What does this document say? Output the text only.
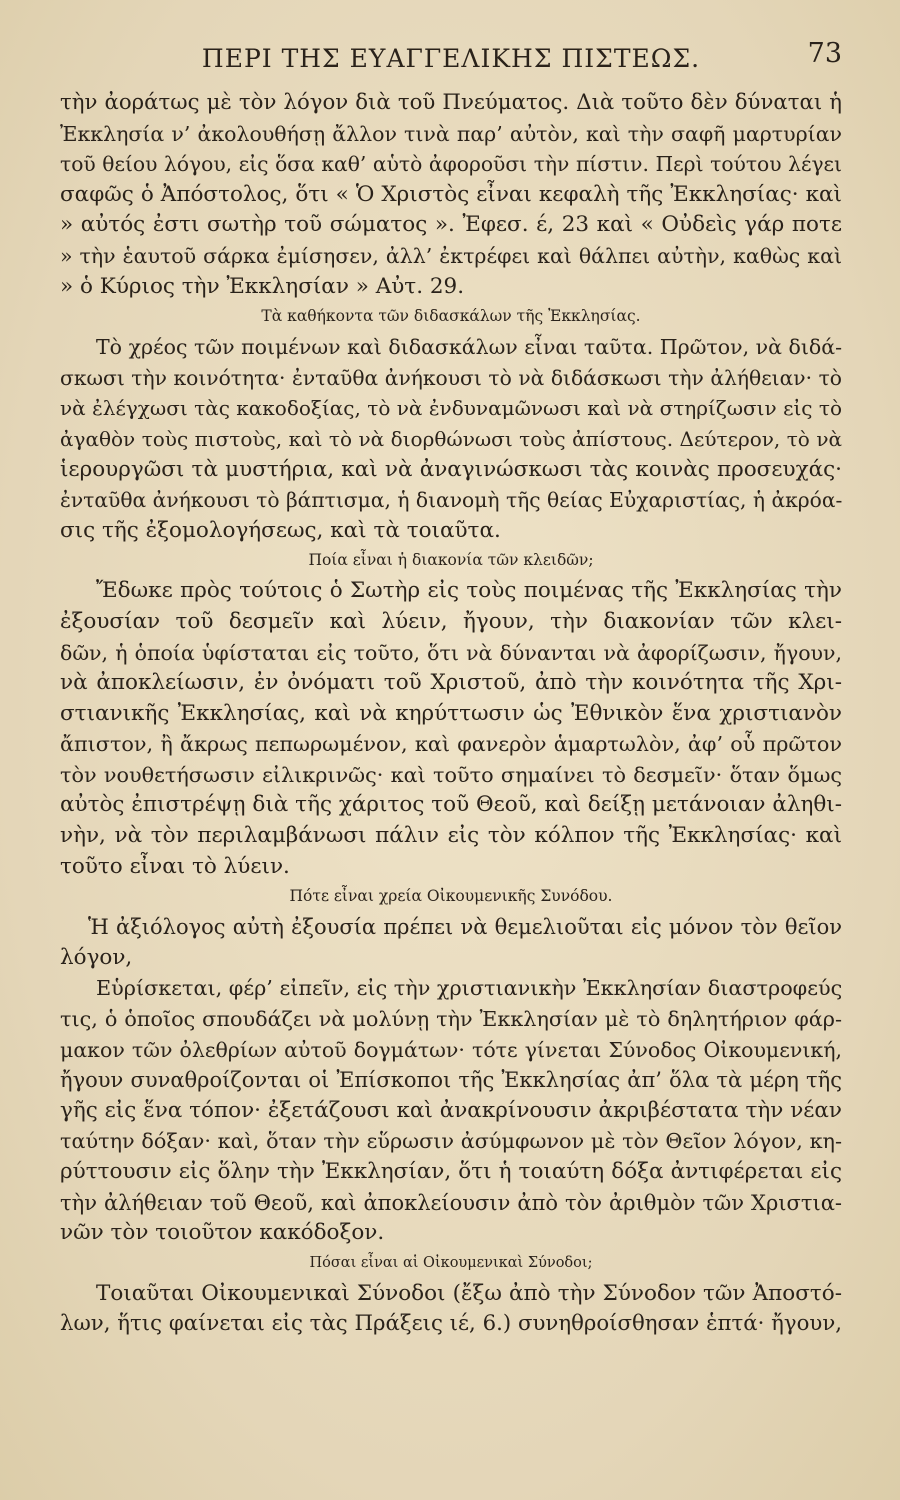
ΠΕΡΙ ΤΗΣ ΕΥΑΓΓΕΛΙΚΗΣ ΠΙΣΤΕΩΣ.	73
τὴν ἀοράτως μὲ τὸν λόγον διὰ τοῦ Πνεύματος. Διὰ τοῦτο δὲν δύναται ἡ
Ἐκκλησία ν’ ἀκολουθήσῃ ἄλλον τινὰ παρ’ αὐτὸν, καὶ τὴν σαφῆ μαρτυρίαν
τοῦ θείου λόγου, εἰς ὅσα καθ’ αὑτὸ ἀφοροῦσι τὴν πίστιν. Περὶ τούτου λέγει
σαφῶς ὁ Ἀπόστολος, ὅτι « Ὁ Χριστὸς εἶναι κεφαλὴ τῆς Ἐκκλησίας· καὶ
» αὐτός ἐστι σωτὴρ τοῦ σώματος ». Ἐφεσ. έ, 23 καὶ « Οὐδεὶς γάρ ποτε
» τὴν ἑαυτοῦ σάρκα ἐμίσησεν, ἀλλ’ ἐκτρέφει καὶ θάλπει αὐτὴν, καθὼς καὶ
» ὁ Κύριος τὴν Ἐκκλησίαν » Αὐτ. 29.
Τὰ καθήκοντα τῶν διδασκάλων τῆς Ἐκκλησίας.
Τὸ χρέος τῶν ποιμένων καὶ διδασκάλων εἶναι ταῦτα. Πρῶτον, νὰ διδά-
σκωσι τὴν κοινότητα· ἐνταῦθα ἀνήκουσι τὸ νὰ διδάσκωσι τὴν ἀλήθειαν· τὸ
νὰ ἐλέγχωσι τὰς κακοδοξίας, τὸ νὰ ἐνδυναμῶνωσι καὶ νὰ στηρίζωσιν εἰς τὸ
ἀγαθὸν τοὺς πιστοὺς, καὶ τὸ νὰ διορθώνωσι τοὺς ἀπίστους. Δεύτερον, τὸ νὰ
ἱερουργῶσι τὰ μυστήρια, καὶ νὰ ἀναγινώσκωσι τὰς κοινὰς προσευχάς·
ἐνταῦθα ἀνήκουσι τὸ βάπτισμα, ἡ διανομὴ τῆς θείας Εὐχαριστίας, ἡ ἀκρόα-
σις τῆς ἐξομολογήσεως, καὶ τὰ τοιαῦτα.
Ποία εἶναι ἡ διακονία τῶν κλειδῶν;
Ἔδωκε πρὸς τούτοις ὁ Σωτὴρ εἰς τοὺς ποιμένας τῆς Ἐκκλησίας τὴν
ἐξουσίαν τοῦ δεσμεῖν καὶ λύειν, ἤγουν, τὴν διακονίαν τῶν κλει-
δῶν, ἡ ὁποία ὑφίσταται εἰς τοῦτο, ὅτι νὰ δύνανται νὰ ἀφορίζωσιν, ἤγουν,
νὰ ἀποκλείωσιν, ἐν ὀνόματι τοῦ Χριστοῦ, ἀπὸ τὴν κοινότητα τῆς Χρι-
στιανικῆς Ἐκκλησίας, καὶ νὰ κηρύττωσιν ὡς Ἐθνικὸν ἕνα χριστιανὸν
ἄπιστον, ἢ ἄκρως πεπωρωμένον, καὶ φανερὸν ἁμαρτωλὸν, ἀφ’ οὗ πρῶτον
τὸν νουθετήσωσιν εἰλικρινῶς· καὶ τοῦτο σημαίνει τὸ δεσμεῖν· ὅταν ὅμως
αὐτὸς ἐπιστρέψῃ διὰ τῆς χάριτος τοῦ Θεοῦ, καὶ δείξῃ μετάνοιαν ἀληθι-
νὴν, νὰ τὸν περιλαμβάνωσι πάλιν εἰς τὸν κόλπον τῆς Ἐκκλησίας· καὶ
τοῦτο εἶναι τὸ λύειν.
Πότε εἶναι χρεία Οἰκουμενικῆς Συνόδου.
Ἡ ἀξιόλογος αὐτὴ ἐξουσία πρέπει νὰ θεμελιοῦται εἰς μόνον τὸν θεῖον
λόγον,
Εὑρίσκεται, φέρ’ εἰπεῖν, εἰς τὴν χριστιανικὴν Ἐκκλησίαν διαστροφεύς
τις, ὁ ὁποῖος σπουδάζει νὰ μολύνῃ τὴν Ἐκκλησίαν μὲ τὸ δηλητήριον φάρ-
μακον τῶν ὀλεθρίων αὐτοῦ δογμάτων· τότε γίνεται Σύνοδος Οἰκουμενική,
ἤγουν συναθροίζονται οἱ Ἐπίσκοποι τῆς Ἐκκλησίας ἀπ’ ὅλα τὰ μέρη τῆς
γῆς εἰς ἕνα τόπον· ἐξετάζουσι καὶ ἀνακρίνουσιν ἀκριβέστατα τὴν νέαν
ταύτην δόξαν· καὶ, ὅταν τὴν εὕρωσιν ἀσύμφωνον μὲ τὸν Θεῖον λόγον, κη-
ρύττουσιν εἰς ὅλην τὴν Ἐκκλησίαν, ὅτι ἡ τοιαύτη δόξα ἀντιφέρεται εἰς
τὴν ἀλήθειαν τοῦ Θεοῦ, καὶ ἀποκλείουσιν ἀπὸ τὸν ἀριθμὸν τῶν Χριστια-
νῶν τὸν τοιοῦτον κακόδοξον.
Πόσαι εἶναι αἱ Οἰκουμενικαὶ Σύνοδοι;
Τοιαῦται Οἰκουμενικαὶ Σύνοδοι (ἔξω ἀπὸ τὴν Σύνοδον τῶν Ἀποστό-
λων, ἥτις φαίνεται εἰς τὰς Πράξεις ιέ, 6.) συνηθροίσθησαν ἑπτά· ἤγουν,
